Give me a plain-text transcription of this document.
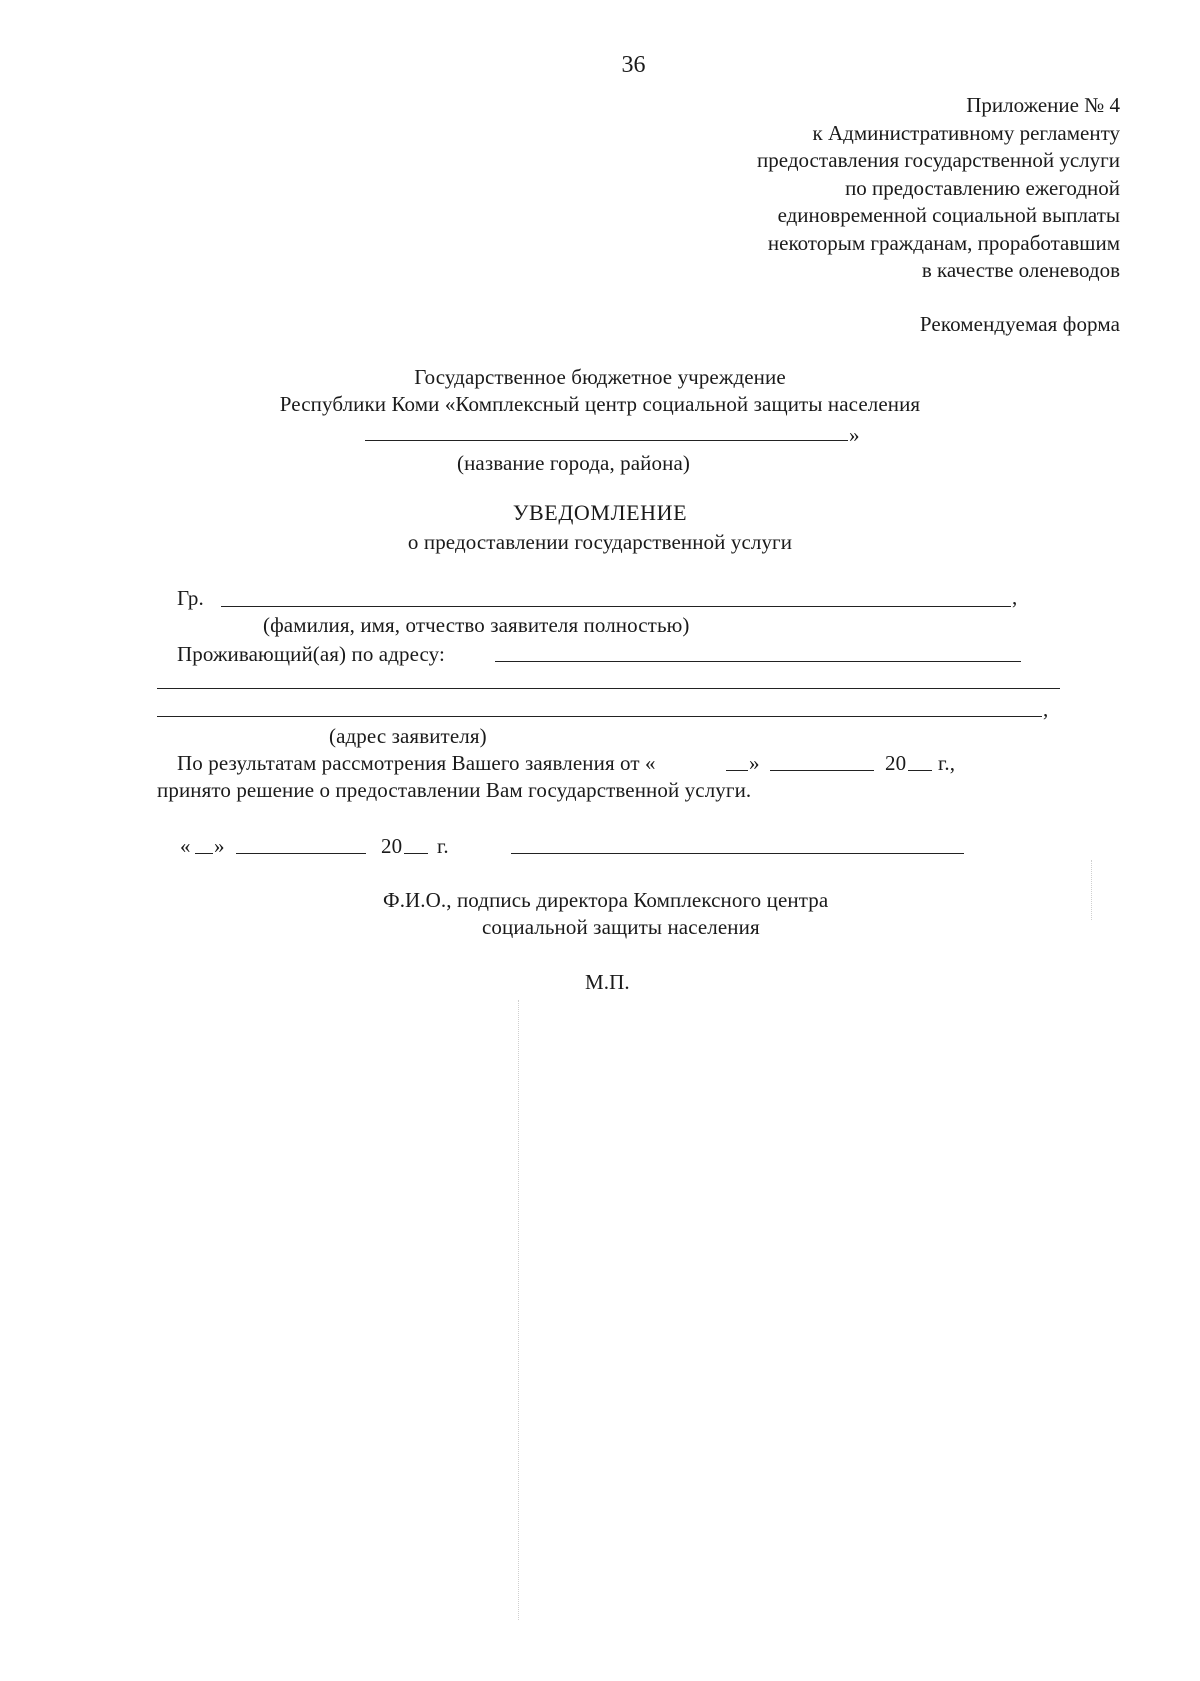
36
Приложение № 4
к Административному регламенту
предоставления государственной услуги
по предоставлению ежегодной
единовременной социальной выплаты
некоторым гражданам, проработавшим
в качестве оленеводов
Рекомендуемая форма
Государственное бюджетное учреждение
Республики Коми «Комплексный центр социальной защиты населения
»
(название города, района)
УВЕДОМЛЕНИЕ
о предоставлении государственной услуги
Гр.	,
(фамилия, имя, отчество заявителя полностью)
Проживающий(ая) по адресу:
,
(адрес заявителя)
По результатам рассмотрения Вашего заявления от «	»	20 г.,
принято решение о предоставлении Вам государственной услуги.
« »	20 г.
Ф.И.О., подпись директора Комплексного центра
социальной защиты населения
М.П.
